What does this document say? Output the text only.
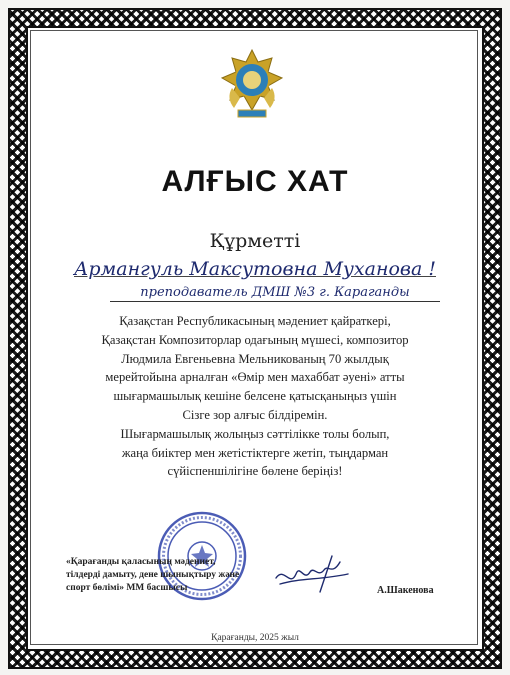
АЛҒЫС ХАТ
Құрметті
Армангуль Максутовна Муханова !
преподаватель ДМШ №3 г. Караганды
Қазақстан Республикасының мәдениет қайраткері,
Қазақстан Композиторлар одағының мүшесі, композитор
Людмила Евгеньевна Мельникованың 70 жылдық
мерейтойына арналған «Өмір мен махаббат әуені» атты
шығармашылық кешіне белсене қатысқаныңыз үшін
Сізге зор алғыс білдіремін.
Шығармашылық жолыңыз сәттілікке толы болып,
жаңа биіктер мен жетістіктерге жетіп, тыңдарман
сүйіспеншілігіне бөлене беріңіз!
«Қарағанды қаласының мәдениет,
тілдерді дамыту, дене шынықтыру және
спорт бөлімі» ММ басшысы	А.Шакенова
Қарағанды, 2025 жыл
